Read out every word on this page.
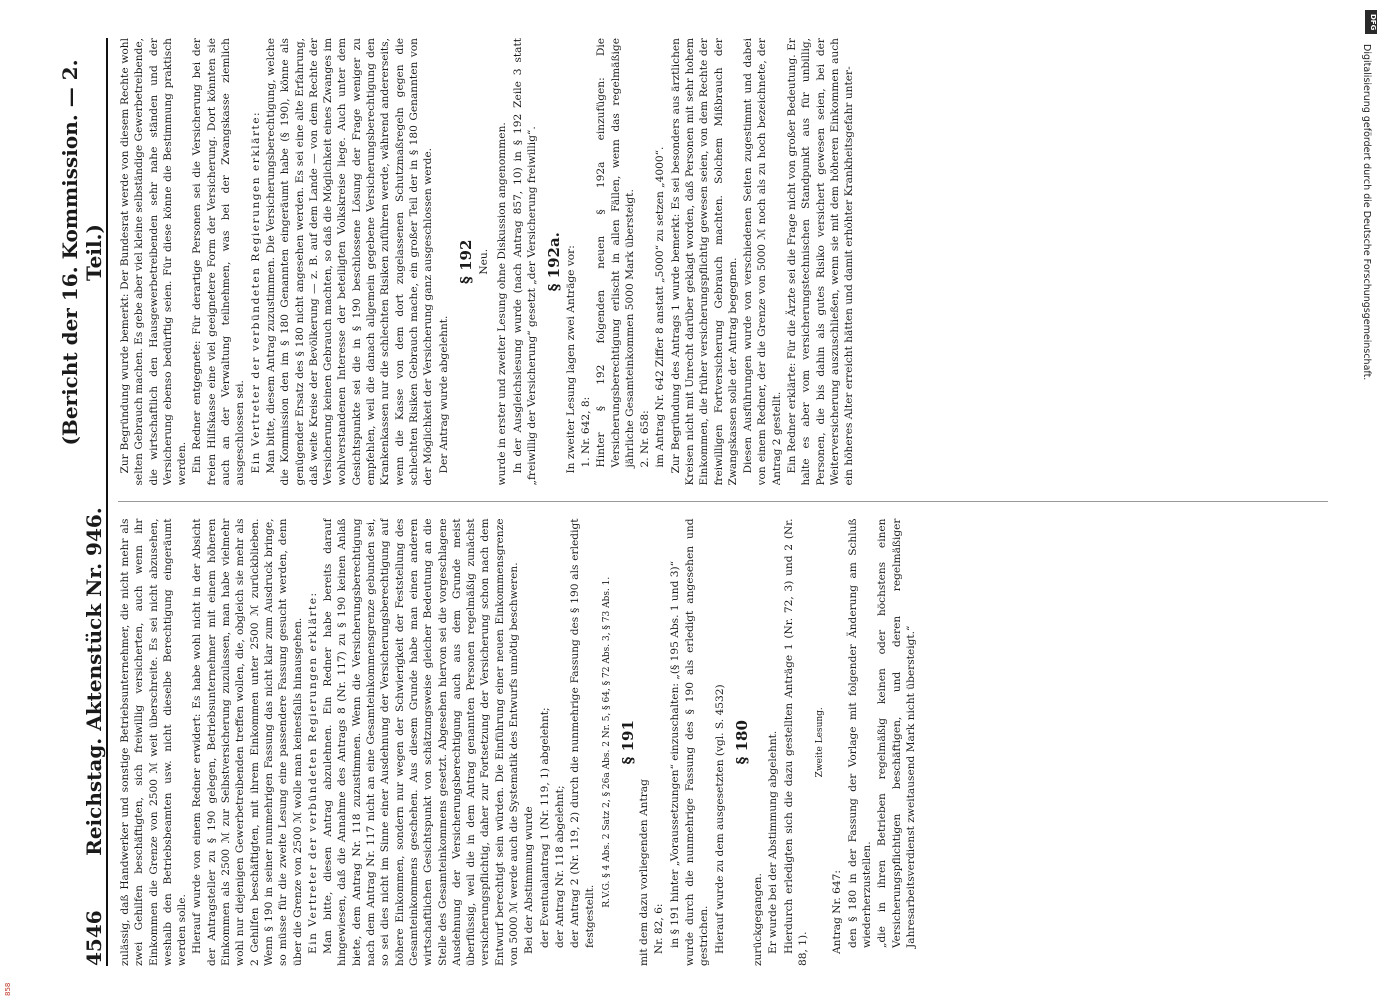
4546
Reichstag. Aktenstück Nr. 946.
(Bericht der 16. Kommission. — 2. Teil.)

zulässig, daß Handwerker und sonstige Betriebsunternehmer, die nicht mehr als zwei Gehilfen beschäftigten, sich freiwillig versicherten, auch wenn ihr Einkommen die Grenze von 2500 ℳ weit überschreite. Es sei nicht abzusehen, weshalb den Betriebsbeamten usw. nicht dieselbe Berechtigung eingeräumt werden solle. Hierauf wurde von einem Redner erwidert: Es habe wohl nicht in der Absicht der Antragsteller zu § 190 gelegen, Betriebsunternehmer mit einem höheren Einkommen als 2500 ℳ zur Selbstversicherung zuzulassen, man habe vielmehr wohl nur diejenigen Gewerbetreibenden treffen wollen, die, obgleich sie mehr als 2 Gehilfen beschäftigten, mit ihrem Einkommen unter 2500 ℳ zurückblieben. Wenn § 190 in seiner nunmehrigen Fassung das nicht klar zum Ausdruck bringe, so müsse für die zweite Lesung eine passendere Fassung gesucht werden, denn über die Grenze von 2500 ℳ wolle man keinesfalls hinausgehen. Ein Vertreter der verbündeten Regierungen erklärte: Man bitte, diesen Antrag abzulehnen. Ein Redner habe bereits darauf hingewiesen, daß die Annahme des Antrags 8 (Nr. 117) zu § 190 keinen Anlaß biete, dem Antrag Nr. 118 zuzustimmen. Wenn die Versicherungsberechtigung nach dem Antrag Nr. 117 nicht an eine Gesamteinkommensgrenze gebunden sei, so sei dies nicht im Sinne einer Ausdehnung der Versicherungsberechtigung auf höhere Einkommen, sondern nur wegen der Schwierigkeit der Feststellung des Gesamteinkommens geschehen. Aus diesem Grunde habe man einen anderen wirtschaftlichen Gesichtspunkt von schätzungsweise gleicher Bedeutung an die Stelle des Gesamteinkommens gesetzt. Abgesehen hiervon sei die vorgeschlagene Ausdehnung der Versicherungsberechtigung auch aus dem Grunde meist überflüssig, weil die in dem Antrag genannten Personen regelmäßig zunächst versicherungspflichtig, daher zur Fortsetzung der Versicherung schon nach dem Entwurf berechtigt sein würden. Die Einführung einer neuen Einkommensgrenze von 5000 ℳ werde auch die Systematik des Entwurfs unnötig beschweren. Bei der Abstimmung wurde der Eventualantrag 1 (Nr. 119, 1) abgelehnt; der Antrag Nr. 118 abgelehnt; der Antrag 2 (Nr. 119, 2) durch die nunmehrige Fassung des § 190 als erledigt festgestellt.

R.V.G. § 4 Abs. 2 Satz 2, § 26a Abs. 2 Nr. 5, § 64, § 72 Abs. 3, § 73 Abs. 1. § 191

mit dem dazu vorliegenden Antrag Nr. 82, 6: in § 191 hinter „Voraussetzungen“ einzuschalten: „(§ 195 Abs. 1 und 3)“ wurde durch die nunmehrige Fassung des § 190 als erledigt angesehen und gestrichen. Hierauf wurde zu dem ausgesetzten (vgl. S. 4532) § 180

zurückgegangen. Er wurde bei der Abstimmung abgelehnt. Hierdurch erledigten sich die dazu gestellten Anträge 1 (Nr. 72, 3) und 2 (Nr. 88, 1).

Zweite Lesung.

Antrag Nr. 647: den § 180 in der Fassung der Vorlage mit folgender Änderung am Schluß wiederherzustellen. „die in ihren Betrieben regelmäßig keinen oder höchstens einen Versicherungspflichtigen beschäftigen, und deren regelmäßiger Jahresarbeitsverdienst zweitausend Mark nicht übersteigt.“

Zur Begründung wurde bemerkt: Der Bundesrat werde von diesem Rechte wohl selten Gebrauch machen. Es gebe aber viel kleine selbständige Gewerbetreibende, die wirtschaftlich den Hausgewerbetreibenden sehr nahe ständen und der Versicherung ebenso bedürftig seien. Für diese könne die Bestimmung praktisch werden. Ein Redner entgegnete: Für derartige Personen sei die Versicherung bei der freien Hilfskasse eine viel geeignetere Form der Versicherung. Dort könnten sie auch an der Verwaltung teilnehmen, was bei der Zwangskasse ziemlich ausgeschlossen sei. Ein Vertreter der verbündeten Regierungen erklärte: Man bitte, diesem Antrag zuzustimmen. Die Versicherungsberechtigung, welche die Kommission den im § 180 Genannten eingeräumt habe (§ 190), könne als genügender Ersatz des § 180 nicht angesehen werden. Es sei eine alte Erfahrung, daß weite Kreise der Bevölkerung — z. B. auf dem Lande — von dem Rechte der Versicherung keinen Gebrauch machten, so daß die Möglichkeit eines Zwanges im wohlverstandenen Interesse der beteiligten Volkskreise liege. Auch unter dem Gesichtspunkte sei die in § 190 beschlossene Lösung der Frage weniger zu empfehlen, weil die danach allgemein gegebene Versicherungsberechtigung den Krankenkassen nur die schlechten Risiken zuführen werde, während andererseits, wenn die Kasse von dem dort zugelassenen Schutzmaßregeln gegen die schlechten Risiken Gebrauch mache, ein großer Teil der in § 180 Genannten von der Möglichkeit der Versicherung ganz ausgeschlossen werde. Der Antrag wurde abgelehnt.

§ 192 Neu. wurde in erster und zweiter Lesung ohne Diskussion angenommen. In der Ausgleichslesung wurde (nach Antrag 857, 10) in § 192 Zeile 3 statt „freiwillig der Versicherung“ gesetzt „der Versicherung freiwillig“. § 192a. In zweiter Lesung lagen zwei Anträge vor: 1. Nr. 642, 8: Hinter § 192 folgenden neuen § 192a einzufügen: Die Versicherungsberechtigung erlischt in allen Fällen, wenn das regelmäßige jährliche Gesamteinkommen 5000 Mark übersteigt. 2. Nr. 658: im Antrag Nr. 642 Ziffer 8 anstatt „5000“ zu setzen „4000“. Zur Begründung des Antrags 1 wurde bemerkt: Es sei besonders aus ärztlichen Kreisen nicht mit Unrecht darüber geklagt worden, daß Personen mit sehr hohem Einkommen, die früher versicherungspflichtig gewesen seien, von dem Rechte der freiwilligen Fortversicherung Gebrauch machten. Solchem Mißbrauch der Zwangskassen solle der Antrag begegnen. Diesen Ausführungen wurde von verschiedenen Seiten zugestimmt und dabei von einem Redner, der die Grenze von 5000 ℳ noch als zu hoch bezeichnete, der Antrag 2 gestellt. Ein Redner erklärte: Für die Ärzte sei die Frage nicht von großer Bedeutung. Er halte es aber vom versicherungstechnischen Standpunkt aus für unbillig, Personen, die bis dahin als gutes Risiko versichert gewesen seien, bei der Weiterversicherung auszuschließen, wenn sie mit dem höheren Einkommen auch ein höheres Alter erreicht hätten und damit erhöhter Krankheitsgefahr unter-	Digitalisierung gefördert durch die Deutsche Forschungsgemeinschaft.
DFG
858
